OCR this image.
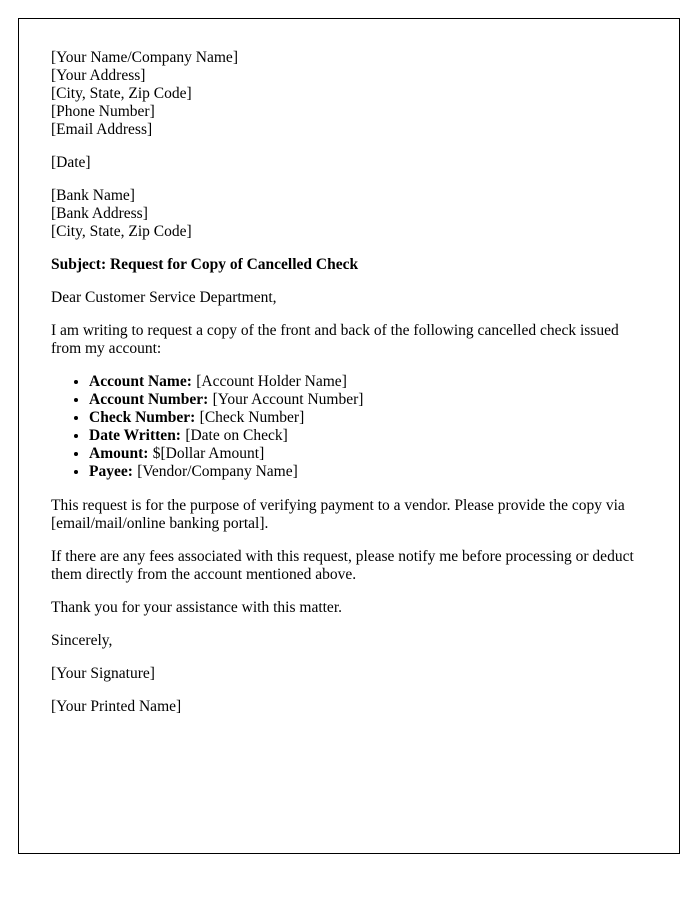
[Your Name/Company Name]
[Your Address]
[City, State, Zip Code]
[Phone Number]
[Email Address]

[Date]

[Bank Name]
[Bank Address]
[City, State, Zip Code]

Subject: Request for Copy of Cancelled Check

Dear Customer Service Department,

I am writing to request a copy of the front and back of the following cancelled check issued from my account:

• Account Name: [Account Holder Name]
• Account Number: [Your Account Number]
• Check Number: [Check Number]
• Date Written: [Date on Check]
• Amount: $[Dollar Amount]
• Payee: [Vendor/Company Name]

This request is for the purpose of verifying payment to a vendor. Please provide the copy via [email/mail/online banking portal].

If there are any fees associated with this request, please notify me before processing or deduct them directly from the account mentioned above.

Thank you for your assistance with this matter.

Sincerely,

[Your Signature]

[Your Printed Name]
